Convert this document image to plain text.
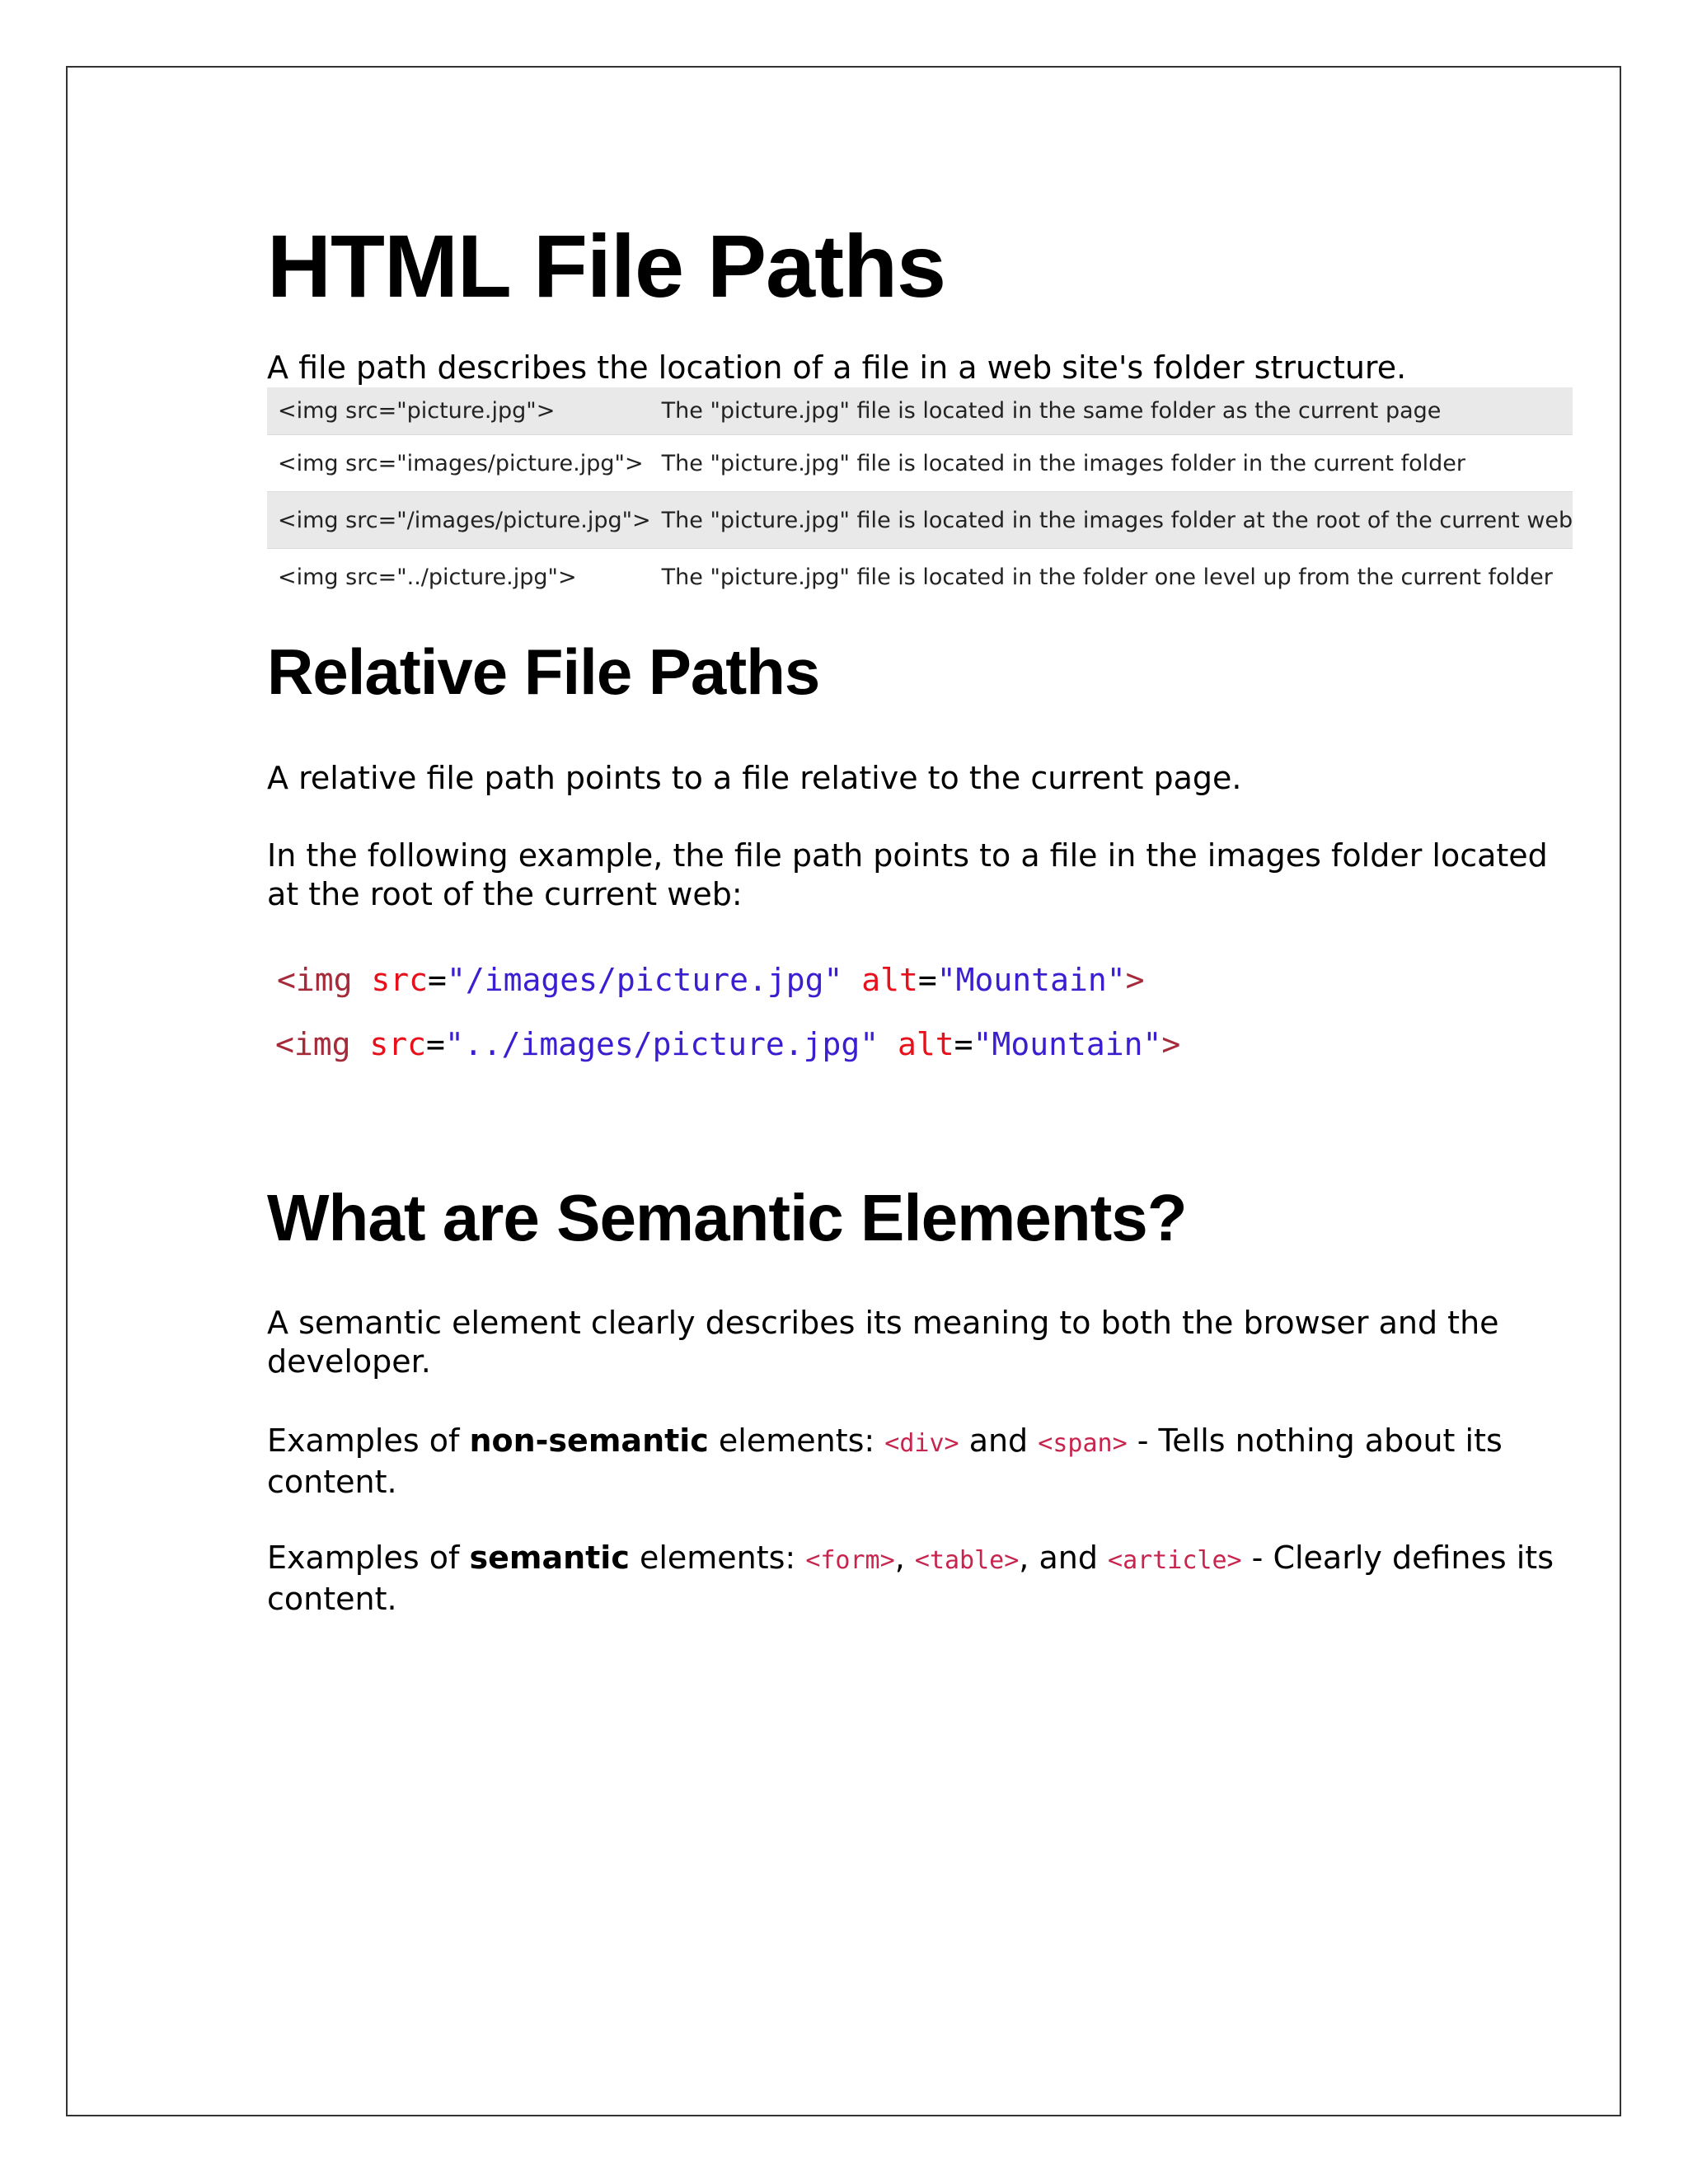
HTML File Paths

A file path describes the location of a file in a web site's folder structure.

<img src="picture.jpg">	The "picture.jpg" file is located in the same folder as the current page
<img src="images/picture.jpg">	The "picture.jpg" file is located in the images folder in the current folder
<img src="/images/picture.jpg">	The "picture.jpg" file is located in the images folder at the root of the current web
<img src="../picture.jpg">	The "picture.jpg" file is located in the folder one level up from the current folder
Relative File Paths

A relative file path points to a file relative to the current page.

In the following example, the file path points to a file in the images folder located at the root of the current web:

<img src="/images/picture.jpg" alt="Mountain">
<img src="../images/picture.jpg" alt="Mountain">
What are Semantic Elements?

A semantic element clearly describes its meaning to both the browser and the developer.

Examples of non-semantic elements: <div> and <span> - Tells nothing about its content.

Examples of semantic elements: <form>, <table>, and <article> - Clearly defines its content.
